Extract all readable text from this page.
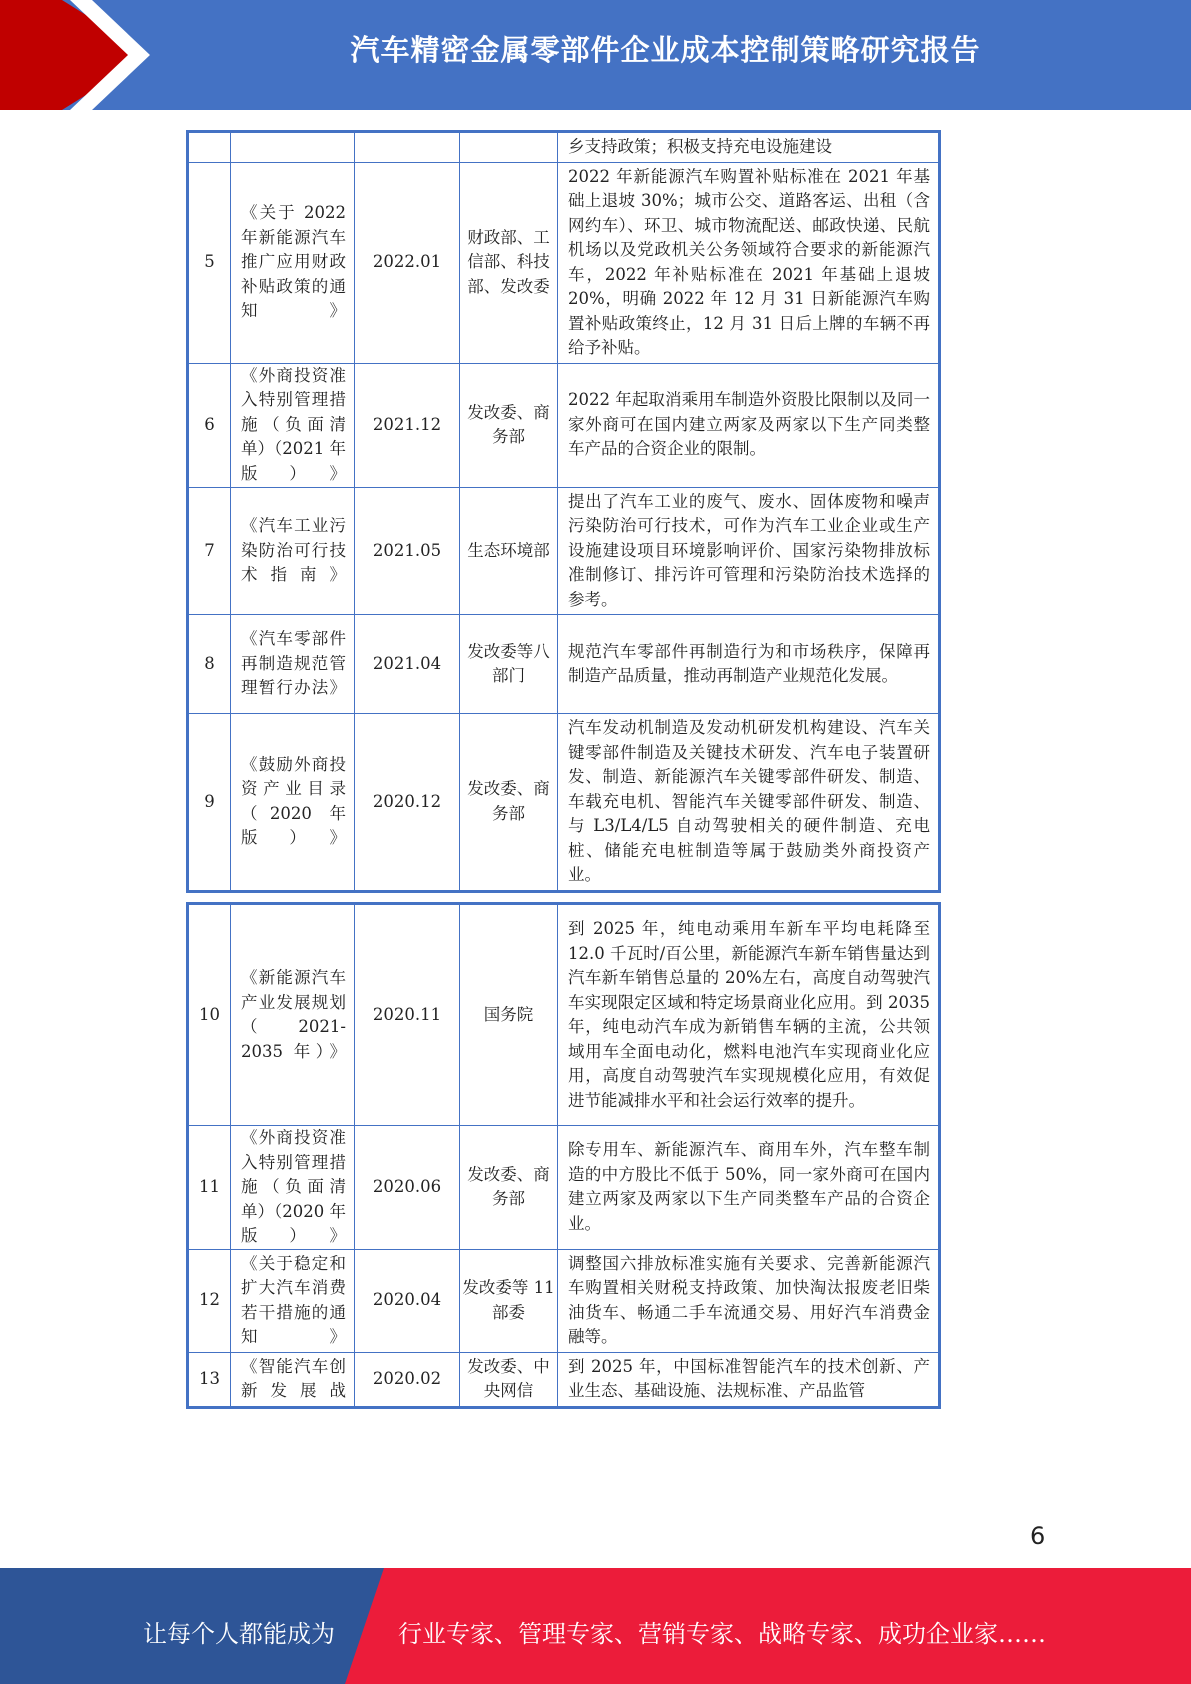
汽车精密金属零部件企业成本控制策略研究报告
				乡支持政策；积极支持充电设施建设
5	《关于 2022 年新能源汽车推广应用财政补贴政策的通知》	2022.01	财政部、工信部、科技部、发改委	2022 年新能源汽车购置补贴标准在 2021 年基础上退坡 30%；城市公交、道路客运、出租（含网约车）、环卫、城市物流配送、邮政快递、民航机场以及党政机关公务领域符合要求的新能源汽车，2022 年补贴标准在 2021 年基础上退坡 20%，明确 2022 年 12 月 31 日新能源汽车购置补贴政策终止，12 月 31 日后上牌的车辆不再给予补贴。
6	《外商投资准入特别管理措施（负面清单）（2021 年版）》	2021.12	发改委、商务部	2022 年起取消乘用车制造外资股比限制以及同一家外商可在国内建立两家及两家以下生产同类整车产品的合资企业的限制。
7	《汽车工业污染防治可行技术指南》	2021.05	生态环境部	提出了汽车工业的废气、废水、固体废物和噪声污染防治可行技术，可作为汽车工业企业或生产设施建设项目环境影响评价、国家污染物排放标准制修订、排污许可管理和污染防治技术选择的参考。
8	《汽车零部件再制造规范管理暂行办法》	2021.04	发改委等八部门	规范汽车零部件再制造行为和市场秩序，保障再制造产品质量，推动再制造产业规范化发展。
9	《鼓励外商投资产业目录（2020 年版）》	2020.12	发改委、商务部	汽车发动机制造及发动机研发机构建设、汽车关键零部件制造及关键技术研发、汽车电子装置研发、制造、新能源汽车关键零部件研发、制造、车载充电机、智能汽车关键零部件研发、制造、与 L3/L4/L5 自动驾驶相关的硬件制造、充电桩、储能充电桩制造等属于鼓励类外商投资产业。
10	《新能源汽车产业发展规划（2021-2035 年）》	2020.11	国务院	到 2025 年，纯电动乘用车新车平均电耗降至 12.0 千瓦时/百公里，新能源汽车新车销售量达到汽车新车销售总量的 20%左右，高度自动驾驶汽车实现限定区域和特定场景商业化应用。到 2035 年，纯电动汽车成为新销售车辆的主流，公共领域用车全面电动化，燃料电池汽车实现商业化应用，高度自动驾驶汽车实现规模化应用，有效促进节能减排水平和社会运行效率的提升。
11	《外商投资准入特别管理措施（负面清单）（2020 年版）》	2020.06	发改委、商务部	除专用车、新能源汽车、商用车外，汽车整车制造的中方股比不低于 50%，同一家外商可在国内建立两家及两家以下生产同类整车产品的合资企业。
12	《关于稳定和扩大汽车消费若干措施的通知》	2020.04	发改委等 11 部委	调整国六排放标准实施有关要求、完善新能源汽车购置相关财税支持政策、加快淘汰报废老旧柴油货车、畅通二手车流通交易、用好汽车消费金融等。
13	《智能汽车创新发展战	2020.02	发改委、中央网信	到 2025 年，中国标准智能汽车的技术创新、产业生态、基础设施、法规标准、产品监管
6
让每个人都能成为	行业专家、管理专家、营销专家、战略专家、成功企业家……
